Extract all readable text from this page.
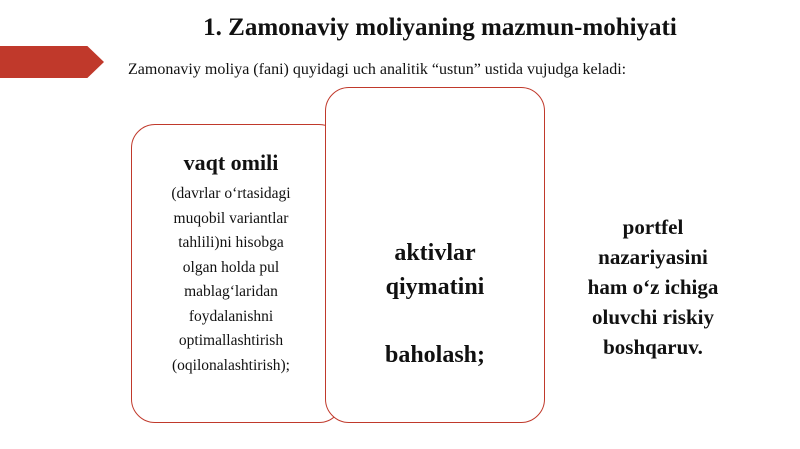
1. Zamonaviy moliyaning mazmun-mohiyati
Zamonaviy moliya (fani) quyidagi uch analitik “ustun” ustida vujudga keladi:
vaqt omili
(davrlar o‘rtasidagi
muqobil variantlar
tahlili)ni hisobga
olgan holda pul
mablag‘laridan
foydalanishni
optimallashtirish
(oqilonalashtirish);
aktivlar
qiymatini
baholash;
portfel
nazariyasini
ham o‘z ichiga
oluvchi riskiy
boshqaruv.
